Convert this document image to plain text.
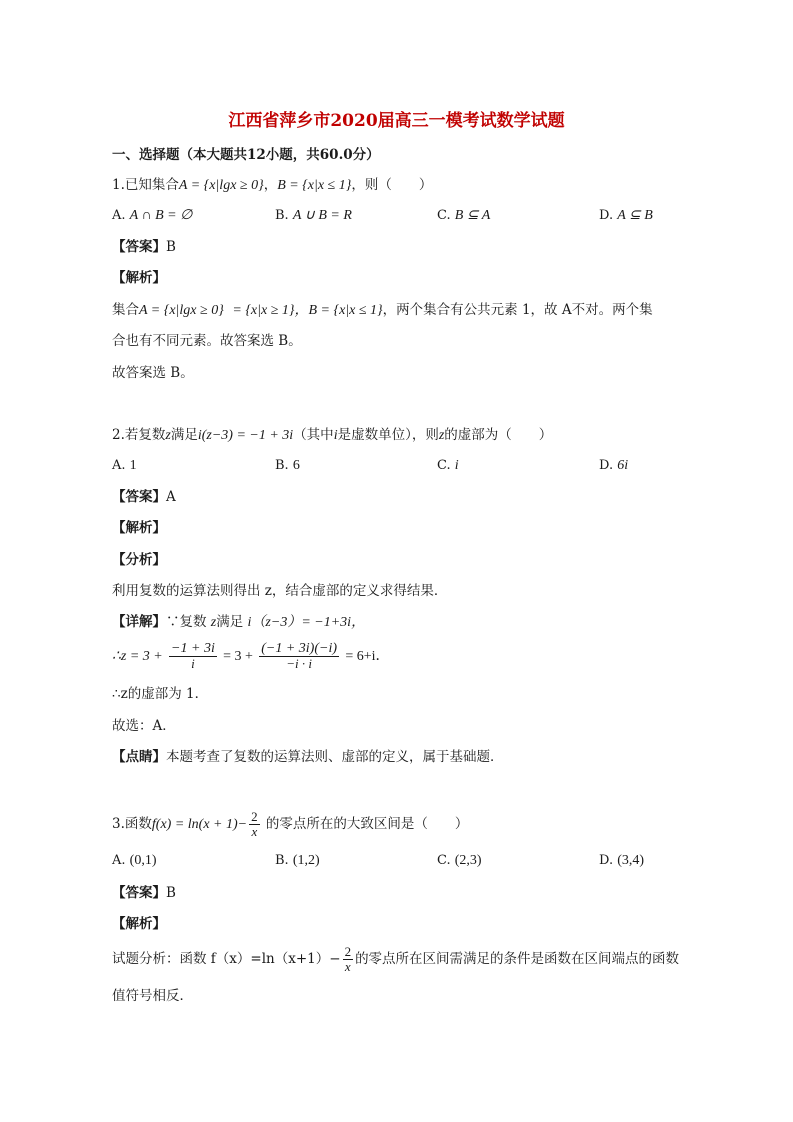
江西省萍乡市2020届高三一模考试数学试题
一、选择题（本大题共12小题，共60.0分）
1.已知集合A = {x|lgx ≥ 0}，B = {x|x ≤ 1}，则（　　）
A. A ∩ B = ∅	B. A ∪ B = R	C. B ⊆ A	D. A ⊆ B
【答案】B
【解析】
集合A = {x|lgx ≥ 0} = {x|x ≥ 1}，B = {x|x ≤ 1}，两个集合有公共元素 1，故 A不对。两个集
合也有不同元素。故答案选 B。
故答案选 B。
2.若复数z满足i(z−3) = −1 + 3i（其中i是虚数单位），则z的虚部为（　　）
A. 1	B. 6	C. i	D. 6i
【答案】A
【解析】
【分析】
利用复数的运算法则得出 z，结合虚部的定义求得结果．
【详解】∵复数 z满足 i（z−3）= −1+3i，
∴z = $3 + \frac{-1 + 3i}{i} = 3 + \frac{(-1 + 3i)(-i)}{-i \cdot i} = 6+i$．
∴z的虚部为 1．
故选：A．
【点睛】本题考查了复数的运算法则、虚部的定义，属于基础题．
3.函数$f(x) = \ln(x + 1)- \frac{2}{x}$ 的零点所在的大致区间是（　　）
A. (0,1)	B. (1,2)	C. (2,3)	D. (3,4)
【答案】B
【解析】
试题分析：函数 $f(x)=\ln(x+1)- \frac{2}{x}$ 的零点所在区间需满足的条件是函数在区间端点的函数
值符号相反．
